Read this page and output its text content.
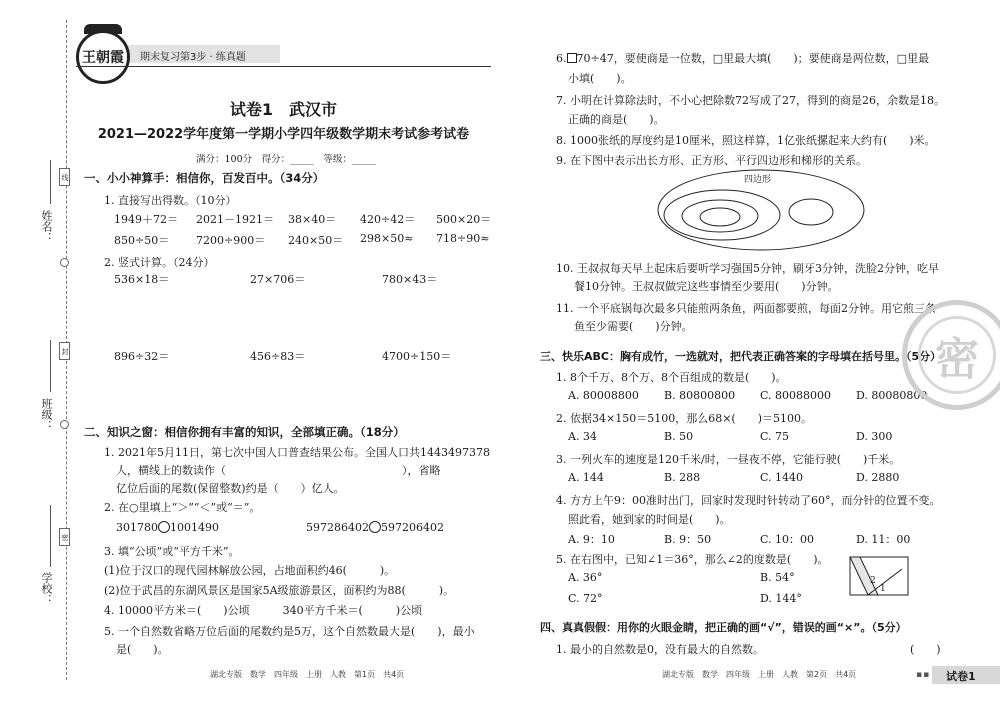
线
封
密
姓名：
班级：
学校：
王朝霞 期末复习第3步 · 练真题
试卷1　武汉市
2021—2022学年度第一学期小学四年级数学期末考试参考试卷
满分：100分　得分：_____　等级：_____
一、小小神算手：相信你，百发百中。（34分）
1. 直接写出得数。（10分）
1949＋72＝ 2021－1921＝ 38×40＝ 420÷42＝ 500×20＝
850÷50＝ 7200÷900＝ 240×50＝ 298×50≈ 718÷90≈
2. 竖式计算。（24分）
536×18＝	27×706＝	780×43＝
896÷32＝	456÷83＝	4700÷150＝
二、知识之窗：相信你拥有丰富的知识，全部填正确。（18分）
1. 2021年5月11日，第七次中国人口普查结果公布。全国人口共1443497378
人，横线上的数读作（　　　　　　　　　　　　　　　　），省略
亿位后面的尾数(保留整数)约是（　　）亿人。
2. 在○里填上“＞”“＜”或“＝”。
301780 1001490	597286402 597206402
3. 填“公顷”或“平方千米”。
(1)位于汉口的现代园林解放公园，占地面积约46(　　　)。
(2)位于武昌的东湖风景区是国家5A级旅游景区，面积约为88(　　　)。
4. 10000平方米＝(　　)公顷　　　340平方千米＝(　　　)公顷
5. 一个自然数省略万位后面的尾数约是5万，这个自然数最大是(　　)，最小
是(　　)。
湖北专版　数学　四年级　上册　人教　第1页　共4页
6. 70÷47，要使商是一位数，□里最大填(　　)；要使商是两位数，□里最
小填(　　)。
7. 小明在计算除法时，不小心把除数72写成了27，得到的商是26，余数是18。
正确的商是(　　)。
8. 1000张纸的厚度约是10厘米，照这样算，1亿张纸摞起来大约有(　　)米。
9. 在下图中表示出长方形、正方形、平行四边形和梯形的关系。
四边形
10. 王叔叔每天早上起床后要听学习强国5分钟，刷牙3分钟，洗脸2分钟，吃早
餐10分钟。王叔叔做完这些事情至少要用(　　)分钟。
11. 一个平底锅每次最多只能煎两条鱼，两面都要煎，每面2分钟。用它煎三条
鱼至少需要(　　)分钟。
三、快乐ABC：胸有成竹，一选就对，把代表正确答案的字母填在括号里。（5分）
1. 8个千万、8个万、8个百组成的数是(　　)。
A. 80008800 B. 80800800 C. 80088000 D. 80080800
2. 依据34×150＝5100，那么68×(　　)＝5100。
A. 34	B. 50	C. 75	D. 300
3. 一列火车的速度是120千米/时，一昼夜不停，它能行驶(　　)千米。
A. 144	B. 288	C. 1440	D. 2880
4. 方方上午9：00准时出门，回家时发现时针转动了60°，而分针的位置不变。
照此看，她到家的时间是(　　)。
A. 9：10	B. 9：50	C. 10：00	D. 11：00
5. 在右图中，已知∠1＝36°，那么∠2的度数是(　　)。
A. 36°	B. 54°
C. 72°	D. 144°
2
1
四、真真假假：用你的火眼金睛，把正确的画“√”，错误的画“×”。（5分）
1. 最小的自然数是0，没有最大的自然数。	(　　)
湖北专版　数学　四年级　上册　人教　第2页　共4页
密
▪▪ 试卷1
